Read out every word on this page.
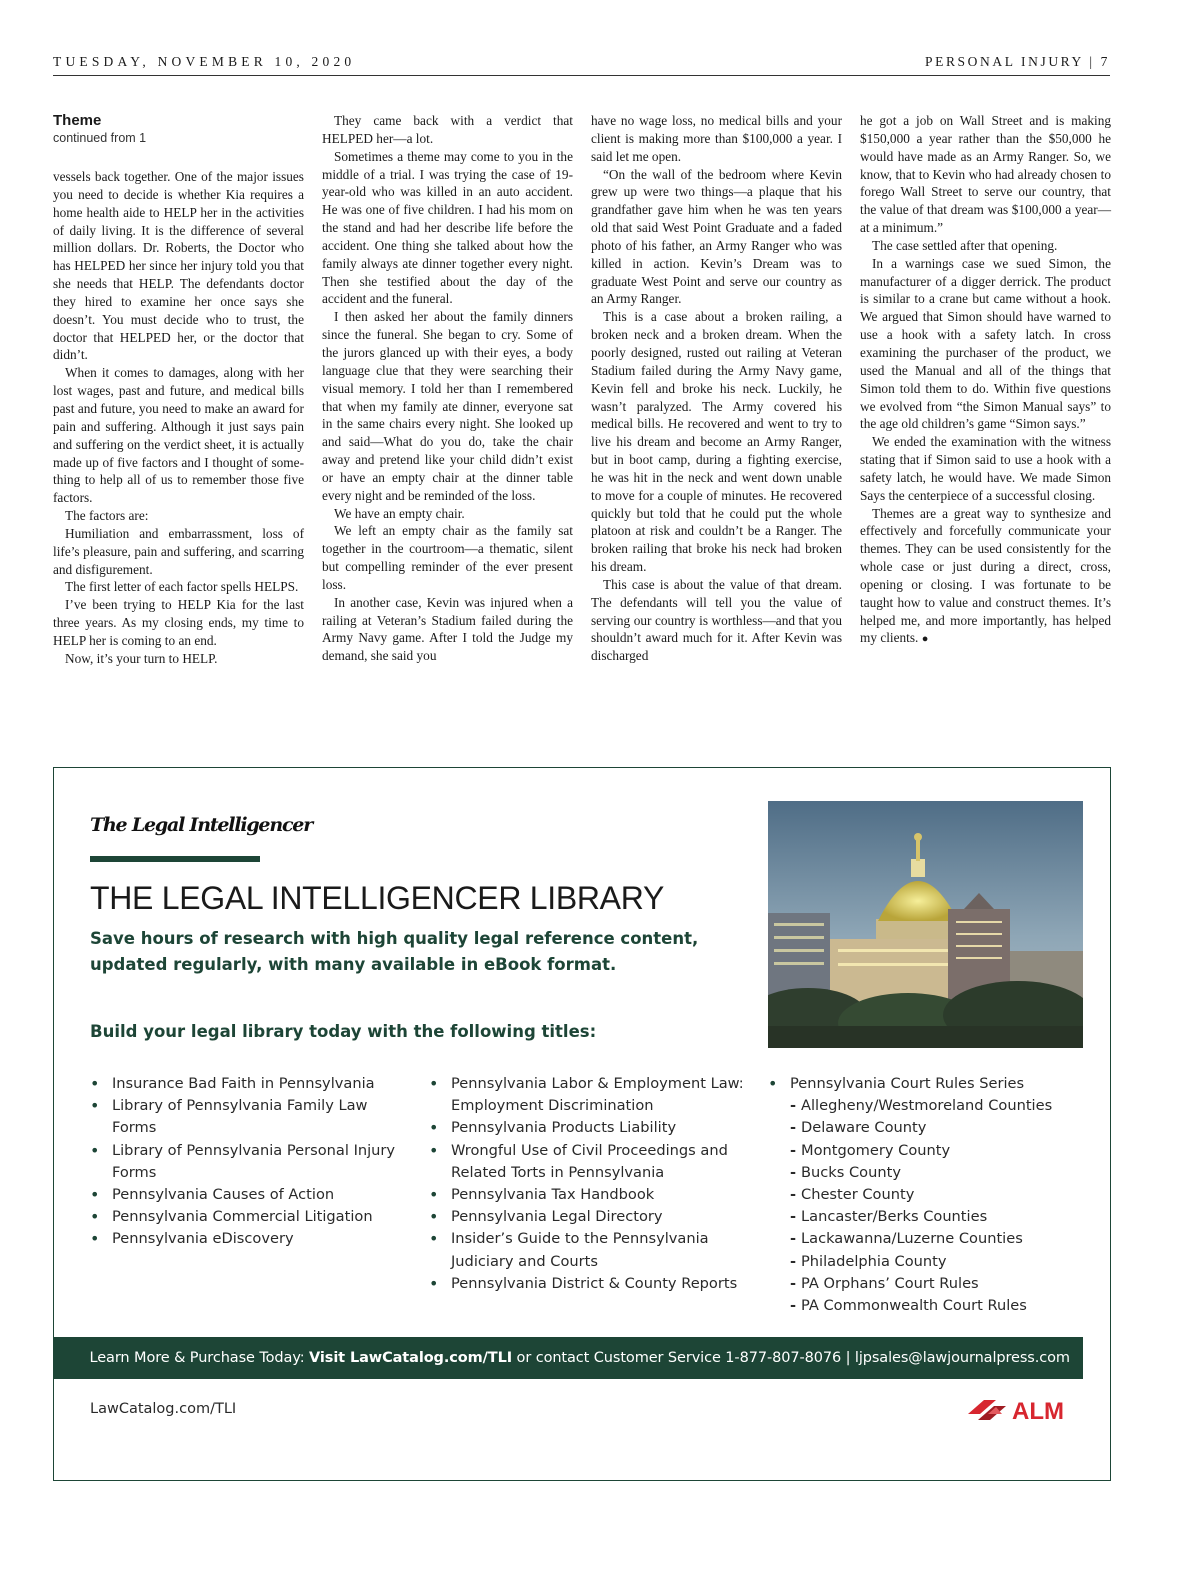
TUESDAY, NOVEMBER 10, 2020	PERSONAL INJURY | 7
Theme
continued from 1

vessels back together. One of the major issues you need to decide is whether Kia requires a home health aide to HELP her in the activities of daily living. It is the difference of several million dollars. Dr. Roberts, the Doctor who has HELPED her since her injury told you that she needs that HELP. The defendants doctor they hired to examine her once says she doesn’t. You must decide who to trust, the doctor that HELPED her, or the doctor that didn’t.

When it comes to damages, along with her lost wages, past and future, and medical bills past and future, you need to make an award for pain and suffering. Although it just says pain and suffering on the verdict sheet, it is actually made up of five factors and I thought of something to help all of us to remember those five factors.

The factors are:

Humiliation and embarrassment, loss of life’s pleasure, pain and suffering, and scarring and disfigurement.

The first letter of each factor spells HELPS.

I’ve been trying to HELP Kia for the last three years. As my closing ends, my time to HELP her is coming to an end.

Now, it’s your turn to HELP.

They came back with a verdict that HELPED her—a lot.

Sometimes a theme may come to you in the middle of a trial. I was trying the case of 19-year-old who was killed in an auto accident. He was one of five children. I had his mom on the stand and had her describe life before the accident. One thing she talked about how the family always ate dinner together every night. Then she testified about the day of the accident and the funeral.

I then asked her about the family dinners since the funeral. She began to cry. Some of the jurors glanced up with their eyes, a body language clue that they were searching their visual memory. I told her than I remembered that when my family ate dinner, everyone sat in the same chairs every night. She looked up and said—What do you do, take the chair away and pretend like your child didn’t exist or have an empty chair at the dinner table every night and be reminded of the loss.

We have an empty chair.

We left an empty chair as the family sat together in the courtroom—a thematic, silent but compelling reminder of the ever present loss.

In another case, Kevin was injured when a railing at Veteran’s Stadium failed during the Army Navy game. After I told the Judge my demand, she said you

have no wage loss, no medical bills and your client is making more than $100,000 a year. I said let me open.

“On the wall of the bedroom where Kevin grew up were two things—a plaque that his grandfather gave him when he was ten years old that said West Point Graduate and a faded photo of his father, an Army Ranger who was killed in action. Kevin’s Dream was to graduate West Point and serve our country as an Army Ranger.

This is a case about a broken railing, a broken neck and a broken dream. When the poorly designed, rusted out railing at Veteran Stadium failed during the Army Navy game, Kevin fell and broke his neck. Luckily, he wasn’t paralyzed. The Army covered his medical bills. He recovered and went to try to live his dream and become an Army Ranger, but in boot camp, during a fighting exercise, he was hit in the neck and went down unable to move for a couple of minutes. He recovered quickly but told that he could put the whole platoon at risk and couldn’t be a Ranger. The broken railing that broke his neck had broken his dream.

This case is about the value of that dream. The defendants will tell you the value of serving our country is worthless—and that you shouldn’t award much for it. After Kevin was discharged

he got a job on Wall Street and is making $150,000 a year rather than the $50,000 he would have made as an Army Ranger. So, we know, that to Kevin who had already chosen to forego Wall Street to serve our country, that the value of that dream was $100,000 a year—at a minimum.”

The case settled after that opening.

In a warnings case we sued Simon, the manufacturer of a digger derrick. The product is similar to a crane but came without a hook. We argued that Simon should have warned to use a hook with a safety latch. In cross examining the purchaser of the product, we used the Manual and all of the things that Simon told them to do. Within five questions we evolved from “the Simon Manual says” to the age old children’s game “Simon says.”

We ended the examination with the witness stating that if Simon said to use a hook with a safety latch, he would have. We made Simon Says the centerpiece of a successful closing.

Themes are a great way to synthesize and effectively and forcefully communicate your themes. They can be used consistently for the whole case or just during a direct, cross, opening or closing. I was fortunate to be taught how to value and construct themes. It’s helped me, and more importantly, has helped my clients. ●

The Legal Intelligencer
THE LEGAL INTELLIGENCER LIBRARY
Save hours of research with high quality legal reference content, updated regularly, with many available in eBook format.
Build your legal library today with the following titles:
• Insurance Bad Faith in Pennsylvania
• Library of Pennsylvania Family Law Forms
• Library of Pennsylvania Personal Injury Forms
• Pennsylvania Causes of Action
• Pennsylvania Commercial Litigation
• Pennsylvania eDiscovery
• Pennsylvania Labor & Employment Law: Employment Discrimination
• Pennsylvania Products Liability
• Wrongful Use of Civil Proceedings and Related Torts in Pennsylvania
• Pennsylvania Tax Handbook
• Pennsylvania Legal Directory
• Insider’s Guide to the Pennsylvania Judiciary and Courts
• Pennsylvania District & County Reports
• Pennsylvania Court Rules Series
- Allegheny/Westmoreland Counties
- Delaware County
- Montgomery County
- Bucks County
- Chester County
- Lancaster/Berks Counties
- Lackawanna/Luzerne Counties
- Philadelphia County
- PA Orphans’ Court Rules
- PA Commonwealth Court Rules
Learn More & Purchase Today: Visit LawCatalog.com/TLI or contact Customer Service 1-877-807-8076 | ljpsales@lawjournalpress.com
LawCatalog.com/TLI	ALM
